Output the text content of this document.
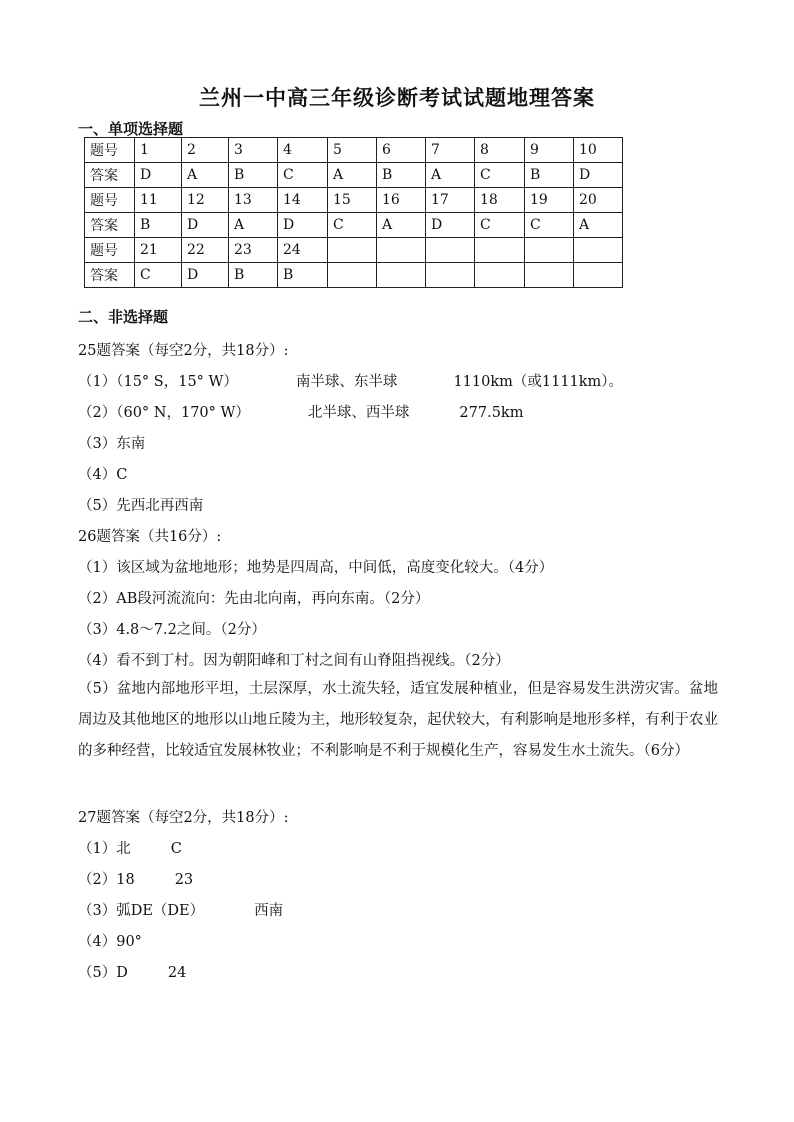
兰州一中高三年级诊断考试试题地理答案
一、单项选择题
题号	1	2	3	4	5	6	7	8	9	10
答案	D	A	B	C	A	B	A	C	B	D
题号	11	12	13	14	15	16	17	18	19	20
答案	B	D	A	D	C	A	D	C	C	A
题号	21	22	23	24						
答案	C	D	B	B						
二、非选择题
25题答案（每空2分，共18分）:
（1）（15° S，15° W）	南半球、东半球	1110km（或1111km）。
（2）（60° N，170° W）	北半球、西半球	277.5km
（3）东南
（4）C
（5）先西北再西南
26题答案（共16分）:
（1）该区域为盆地地形；地势是四周高，中间低，高度变化较大。（4分）
（2）AB段河流流向：先由北向南，再向东南。（2分）
（3）4.8～7.2之间。（2分）
（4）看不到丁村。因为朝阳峰和丁村之间有山脊阻挡视线。（2分）
（5）盆地内部地形平坦，土层深厚，水土流失轻，适宜发展种植业，但是容易发生洪涝灾害。盆地周边及其他地区的地形以山地丘陵为主，地形较复杂，起伏较大，有利影响是地形多样，有利于农业的多种经营，比较适宜发展林牧业；不利影响是不利于规模化生产，容易发生水土流失。（6分）
27题答案（每空2分，共18分）:
（1）北	C
（2）18	23
（3）弧DE（DE）	西南
（4）90°
（5）D	24
